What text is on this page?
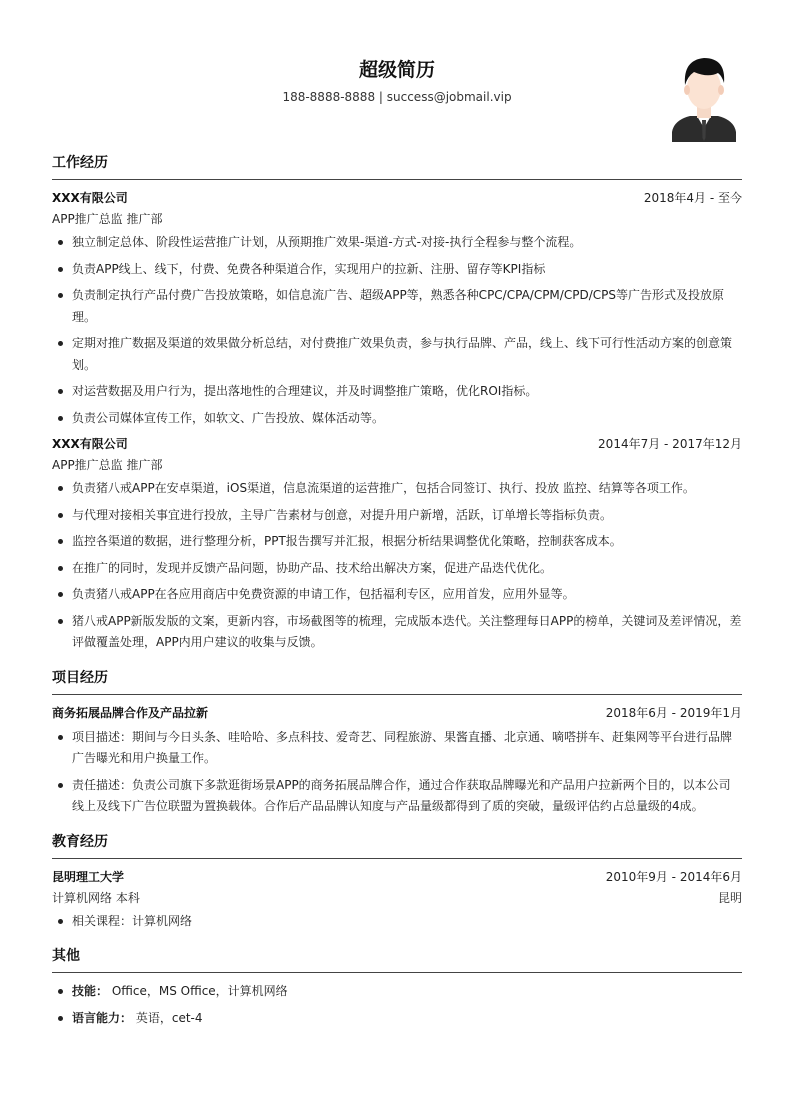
超级简历
188-8888-8888 | success@jobmail.vip
工作经历
XXX有限公司	2018年4月 - 至今
APP推广总监 推广部
独立制定总体、阶段性运营推广计划，从预期推广效果-渠道-方式-对接-执行全程参与整个流程。
负责APP线上、线下，付费、免费各种渠道合作，实现用户的拉新、注册、留存等KPI指标
负责制定执行产品付费广告投放策略，如信息流广告、超级APP等，熟悉各种CPC/CPA/CPM/CPD/CPS等广告形式及投放原理。
定期对推广数据及渠道的效果做分析总结，对付费推广效果负责，参与执行品牌、产品，线上、线下可行性活动方案的创意策划。
对运营数据及用户行为，提出落地性的合理建议，并及时调整推广策略，优化ROI指标。
负责公司媒体宣传工作，如软文、广告投放、媒体活动等。
XXX有限公司	2014年7月 - 2017年12月
APP推广总监 推广部
负责猪八戒APP在安卓渠道，iOS渠道，信息流渠道的运营推广，包括合同签订、执行、投放 监控、结算等各项工作。
与代理对接相关事宜进行投放，主导广告素材与创意，对提升用户新增，活跃，订单增长等指标负责。
监控各渠道的数据，进行整理分析，PPT报告撰写并汇报，根据分析结果调整优化策略，控制获客成本。
在推广的同时，发现并反馈产品问题，协助产品、技术给出解决方案，促进产品迭代优化。
负责猪八戒APP在各应用商店中免费资源的申请工作，包括福利专区，应用首发，应用外显等。
猪八戒APP新版发版的文案，更新内容，市场截图等的梳理，完成版本迭代。关注整理每日APP的榜单，关键词及差评情况，差评做覆盖处理，APP内用户建议的收集与反馈。
项目经历
商务拓展品牌合作及产品拉新	2018年6月 - 2019年1月
项目描述：期间与今日头条、哇哈哈、多点科技、爱奇艺、同程旅游、果酱直播、北京通、嘀嗒拼车、赶集网等平台进行品牌广告曝光和用户换量工作。
责任描述：负责公司旗下多款逛街场景APP的商务拓展品牌合作，通过合作获取品牌曝光和产品用户拉新两个目的，以本公司线上及线下广告位联盟为置换载体。合作后产品品牌认知度与产品量级都得到了质的突破，量级评估约占总量级的4成。
教育经历
昆明理工大学	2010年9月 - 2014年6月
计算机网络 本科	昆明
相关课程：计算机网络
其他
技能： Office，MS Office，计算机网络
语言能力： 英语，cet-4
